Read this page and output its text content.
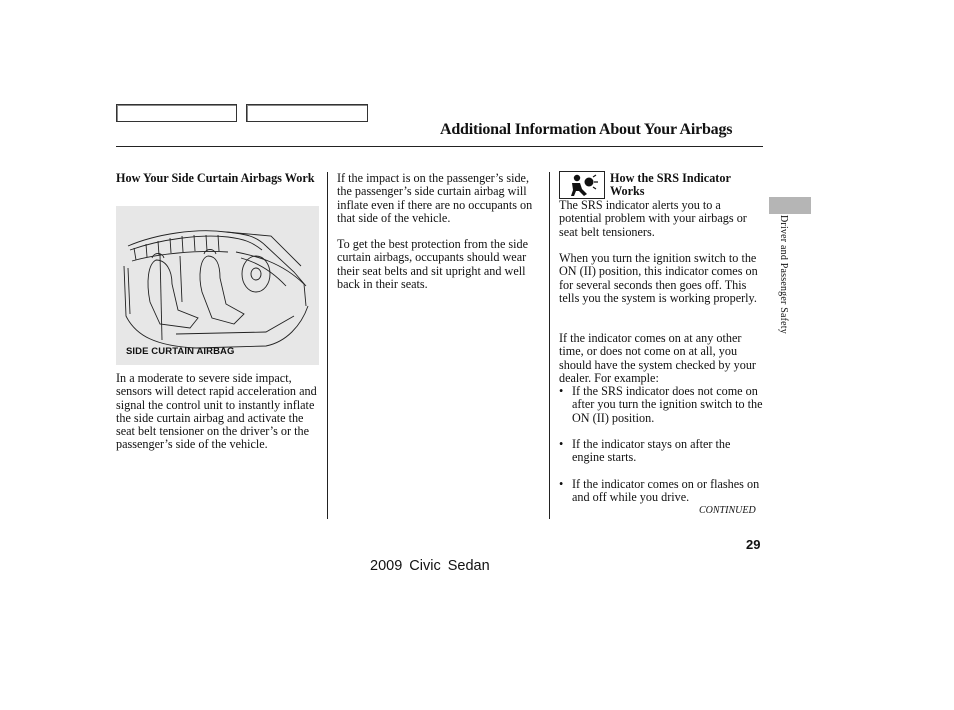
Additional Information About Your Airbags
How Your Side Curtain Airbags Work
SIDE CURTAIN AIRBAG
In a moderate to severe side impact, sensors will detect rapid acceleration and signal the control unit to instantly inflate the side curtain airbag and activate the seat belt tensioner on the driver’s or the passenger’s side of the vehicle.
If the impact is on the passenger’s side, the passenger’s side curtain airbag will inflate even if there are no occupants on that side of the vehicle.
To get the best protection from the side curtain airbags, occupants should wear their seat belts and sit upright and well back in their seats.
How the SRS Indicator Works
The SRS indicator alerts you to a potential problem with your airbags or seat belt tensioners.
When you turn the ignition switch to the ON (II) position, this indicator comes on for several seconds then goes off. This tells you the system is working properly.
If the indicator comes on at any other time, or does not come on at all, you should have the system checked by your dealer. For example:
• If the SRS indicator does not come on after you turn the ignition switch to the ON (II) position.
• If the indicator stays on after the engine starts.
• If the indicator comes on or flashes on and off while you drive.
CONTINUED
Driver and Passenger Safety
29
2009 Civic Sedan
